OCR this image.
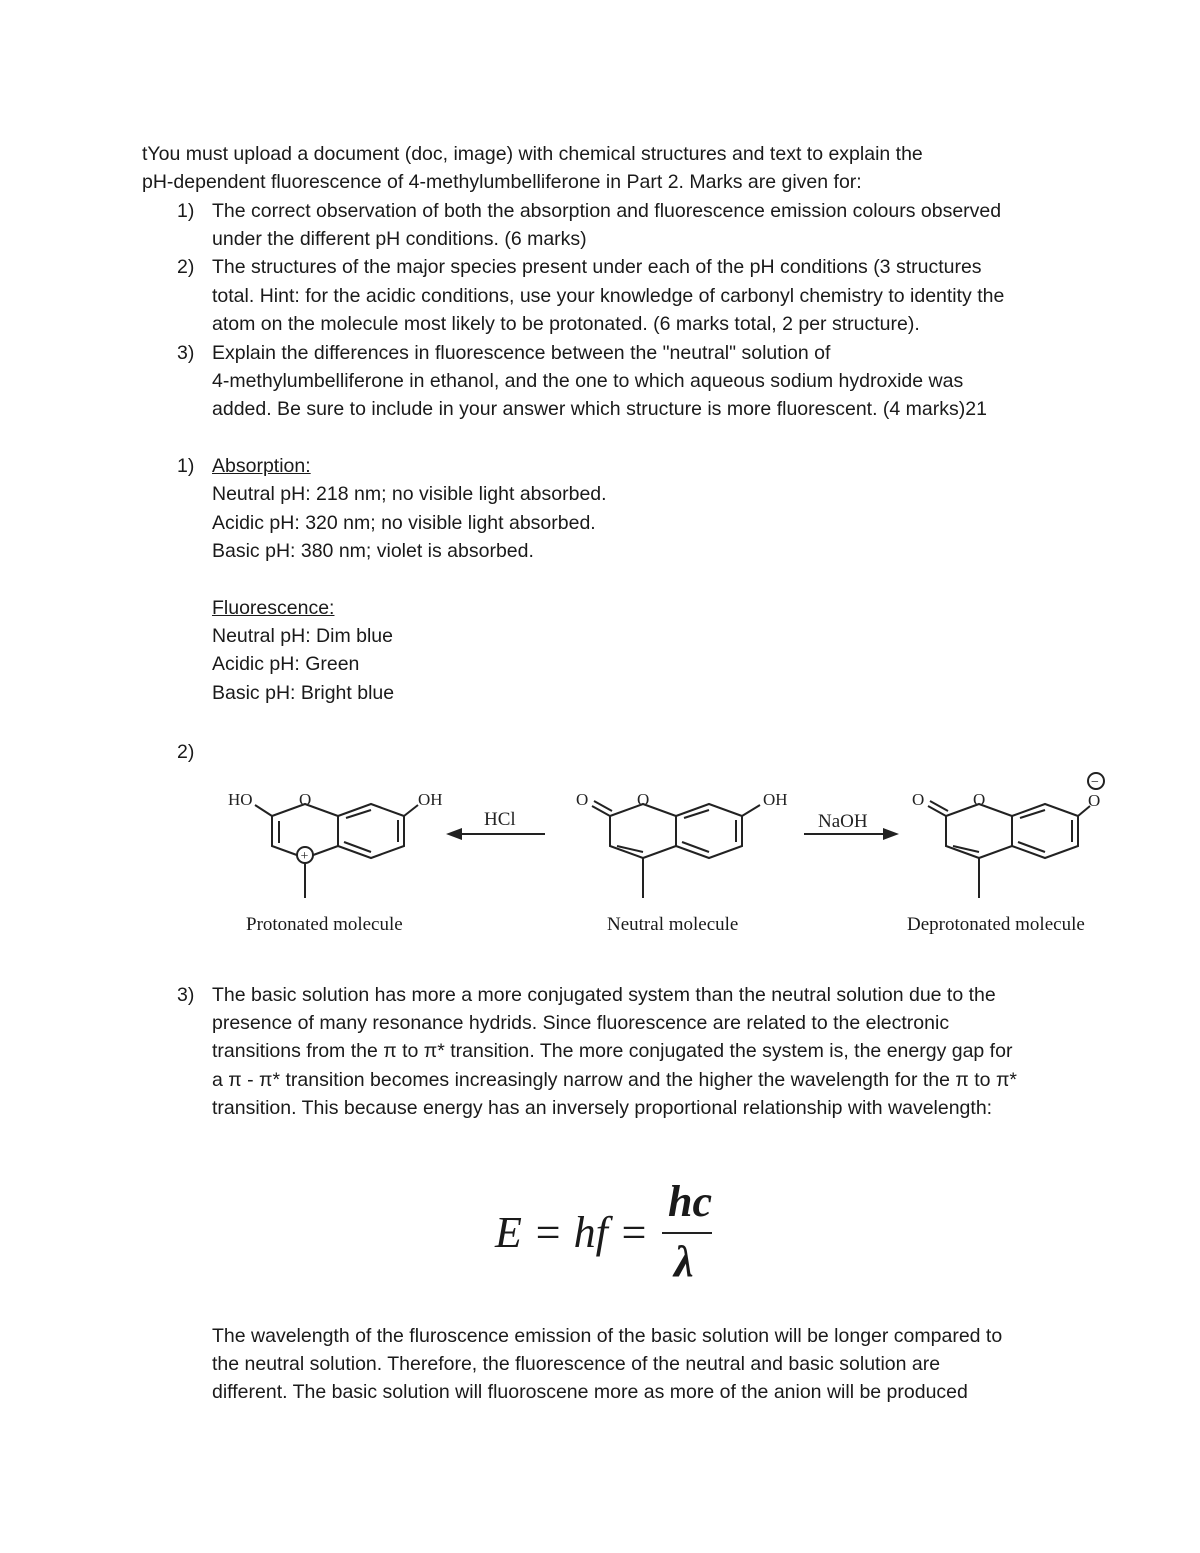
tYou must upload a document (doc, image) with chemical structures and text to explain the
pH-dependent fluorescence of 4-methylumbelliferone in Part 2. Marks are given for:
1) The correct observation of both the absorption and fluorescence emission colours observed
under the different pH conditions. (6 marks)
2) The structures of the major species present under each of the pH conditions (3 structures
total. Hint: for the acidic conditions, use your knowledge of carbonyl chemistry to identity the
atom on the molecule most likely to be protonated. (6 marks total, 2 per structure).
3) Explain the differences in fluorescence between the "neutral" solution of
4-methylumbelliferone in ethanol, and the one to which aqueous sodium hydroxide was
added. Be sure to include in your answer which structure is more fluorescent. (4 marks)21
1) Absorption:
Neutral pH: 218 nm; no visible light absorbed.
Acidic pH: 320 nm; no visible light absorbed.
Basic pH: 380 nm; violet is absorbed.
Fluorescence:
Neutral pH: Dim blue
Acidic pH: Green
Basic pH: Bright blue
2)
HO	O	OH
+
HCl
O	O	OH
NaOH
O	O	O
−
Protonated molecule	Neutral molecule	Deprotonated molecule
3) The basic solution has more a more conjugated system than the neutral solution due to the
presence of many resonance hydrids. Since fluorescence are related to the electronic
transitions from the π to π* transition. The more conjugated the system is, the energy gap for
a π - π* transition becomes increasingly narrow and the higher the wavelength for the π to π*
transition. This because energy has an inversely proportional relationship with wavelength:
E = hf =
hc
λ
The wavelength of the fluroscence emission of the basic solution will be longer compared to
the neutral solution. Therefore, the fluorescence of the neutral and basic solution are
different. The basic solution will fluoroscene more as more of the anion will be produced
